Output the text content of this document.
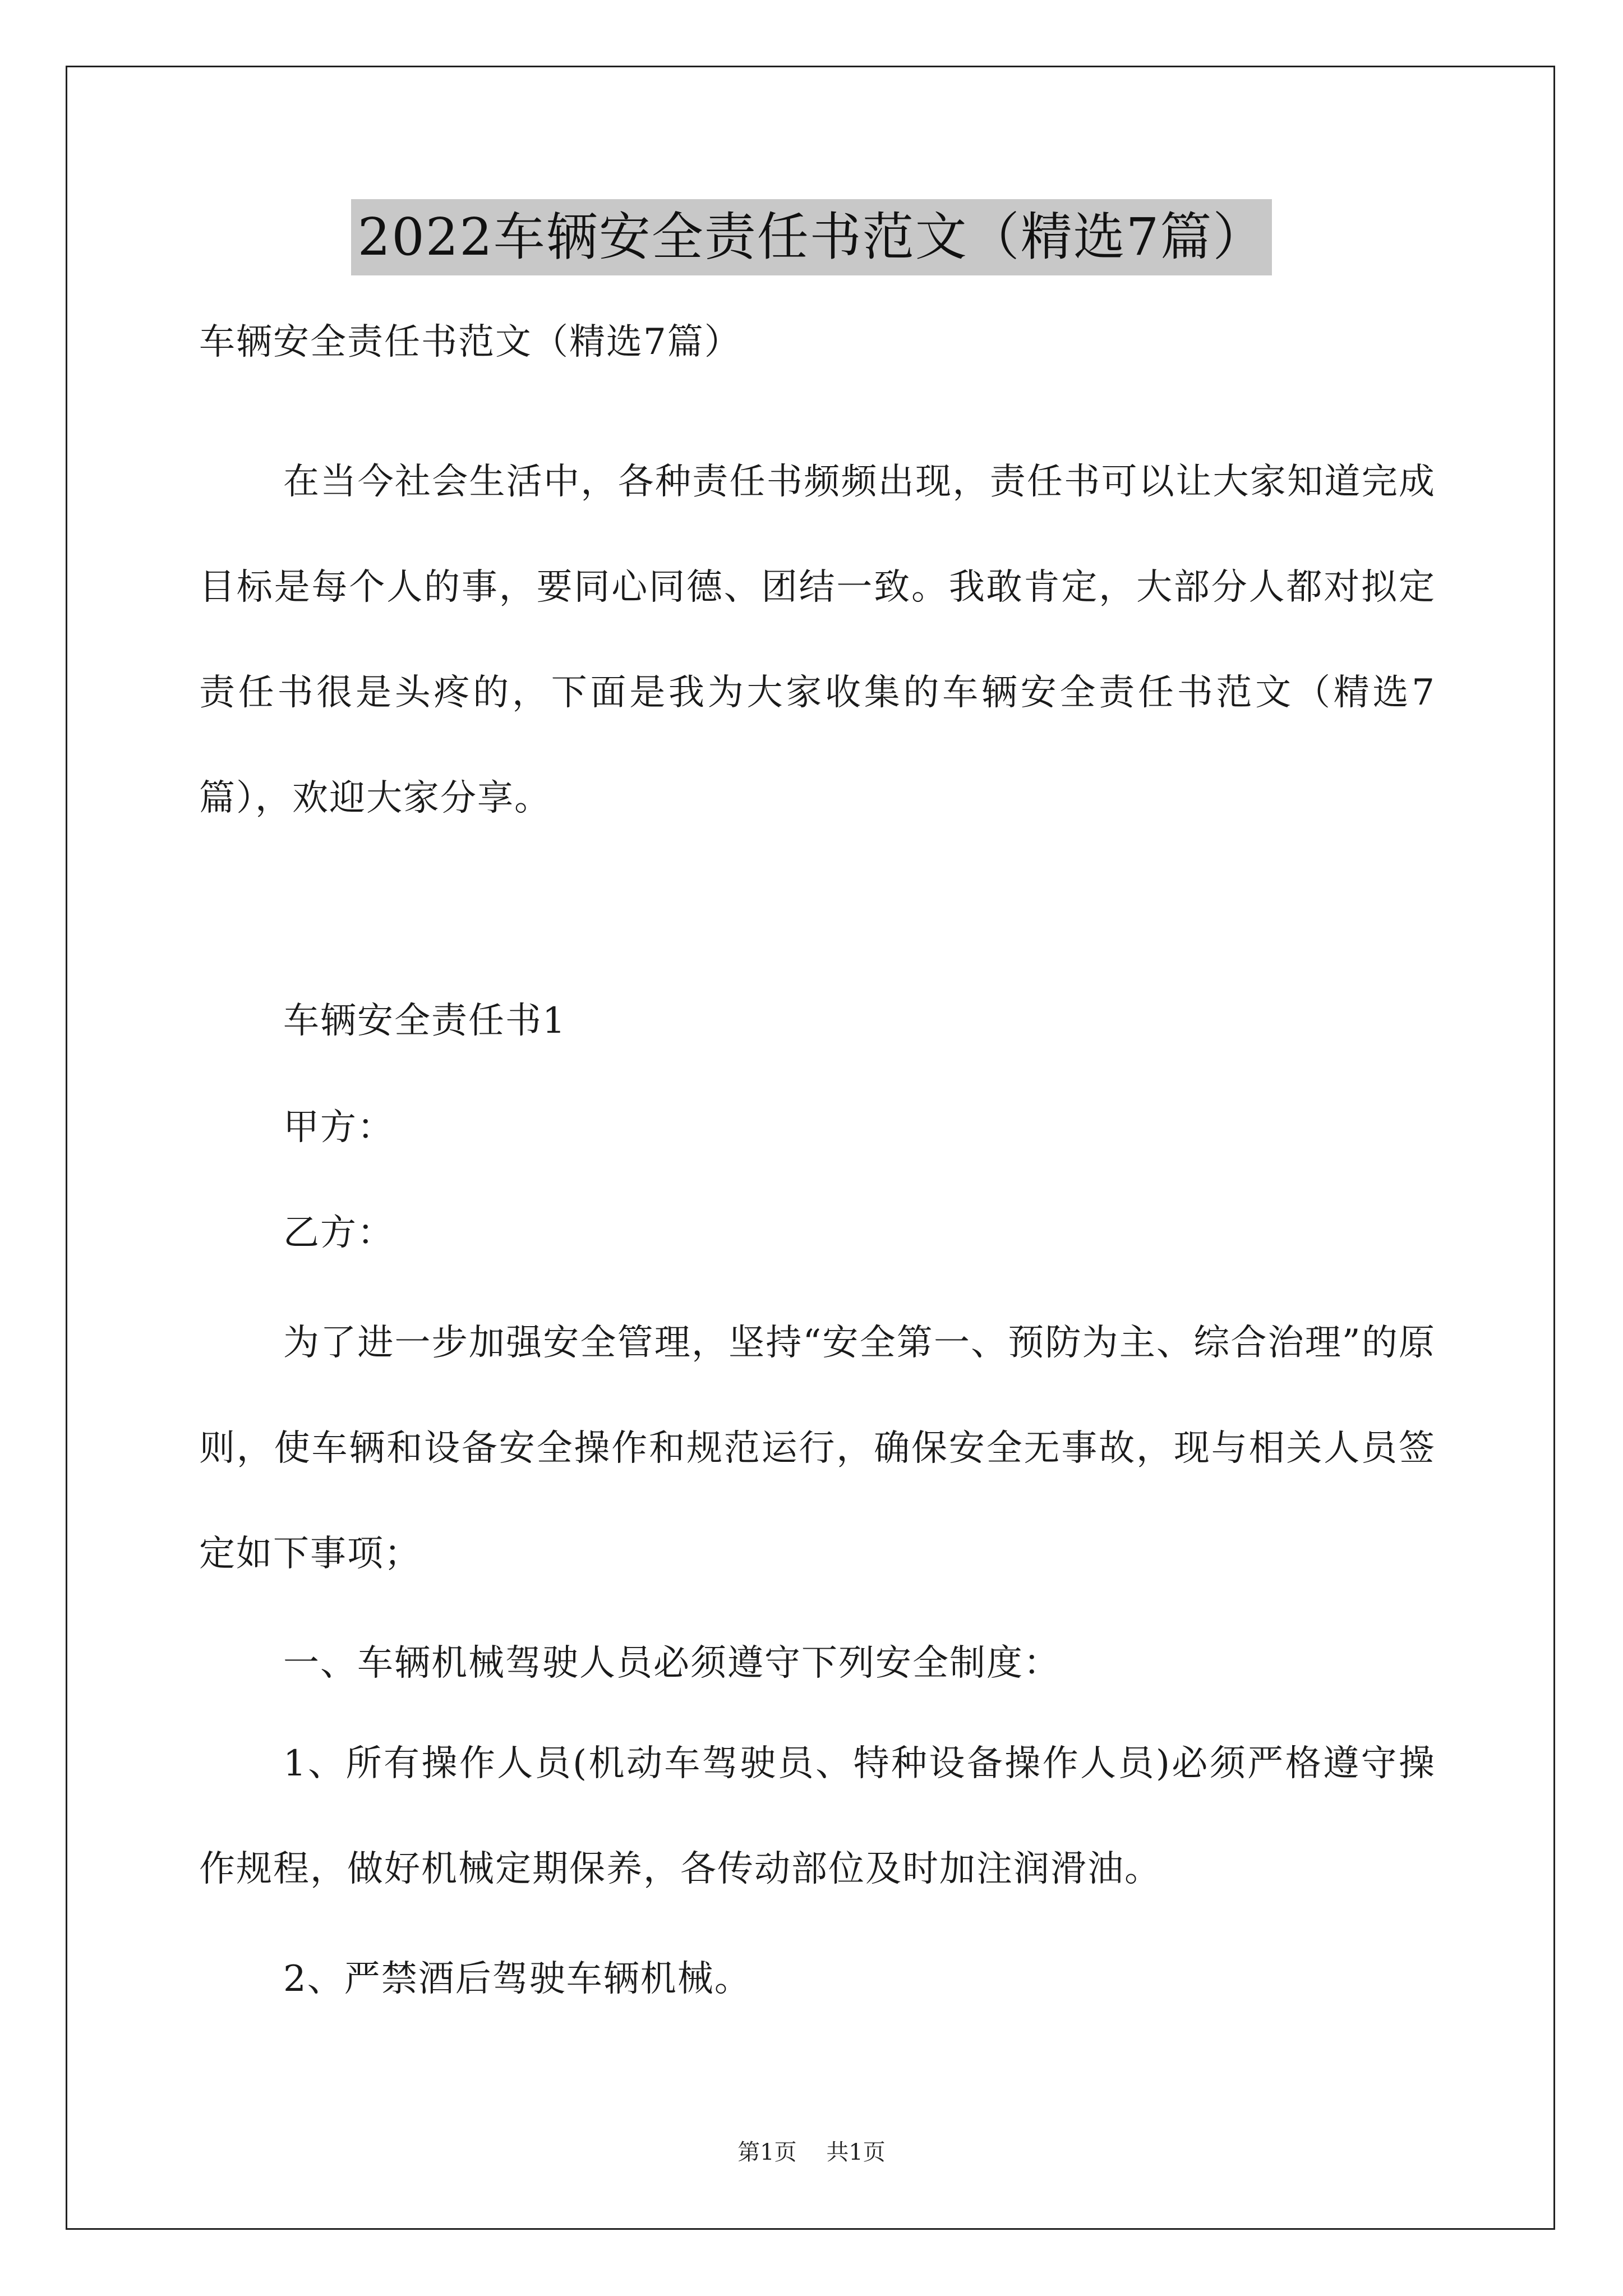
2022车辆安全责任书范文（精选7篇）

车辆安全责任书范文（精选7篇）

在当今社会生活中，各种责任书频频出现，责任书可以让大家知道完成目标是每个人的事，要同心同德、团结一致。我敢肯定，大部分人都对拟定责任书很是头疼的，下面是我为大家收集的车辆安全责任书范文（精选7篇），欢迎大家分享。

车辆安全责任书1

甲方：

乙方：

为了进一步加强安全管理，坚持“安全第一、预防为主、综合治理”的原则，使车辆和设备安全操作和规范运行，确保安全无事故，现与相关人员签定如下事项；

一、车辆机械驾驶人员必须遵守下列安全制度：

1、所有操作人员(机动车驾驶员、特种设备操作人员)必须严格遵守操作规程，做好机械定期保养，各传动部位及时加注润滑油。

2、严禁酒后驾驶车辆机械。

第1页 共1页
